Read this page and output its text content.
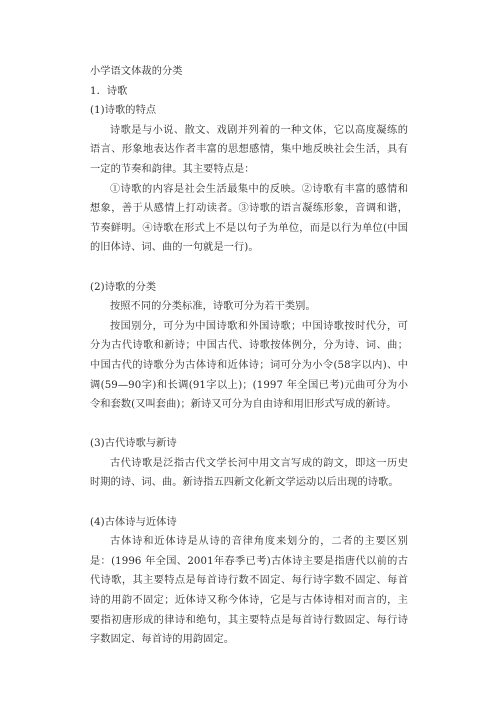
小学语文体裁的分类

1．诗歌

(1)诗歌的特点

诗歌是与小说、散文、戏剧并列着的一种文体，它以高度凝练的语言、形象地表达作者丰富的思想感情，集中地反映社会生活，具有一定的节奏和韵律。其主要特点是：

①诗歌的内容是社会生活最集中的反映。②诗歌有丰富的感情和想象，善于从感情上打动读者。③诗歌的语言凝练形象，音调和谐，节奏鲜明。④诗歌在形式上不是以句子为单位，而是以行为单位(中国的旧体诗、词、曲的一句就是一行)。

(2)诗歌的分类

按照不同的分类标准，诗歌可分为若干类别。

按国别分，可分为中国诗歌和外国诗歌；中国诗歌按时代分，可分为古代诗歌和新诗；中国古代、诗歌按体例分，分为诗、词、曲；中国古代的诗歌分为古体诗和近体诗；词可分为小令(58字以内)、中调(59—90字)和长调(91字以上)；(1997 年全国已考)元曲可分为小令和套数(又叫套曲)；新诗又可分为自由诗和用旧形式写成的新诗。

(3)古代诗歌与新诗

古代诗歌是泛指古代文学长河中用文言写成的韵文，即这一历史时期的诗、词、曲。新诗指五四新文化新文学运动以后出现的诗歌。

(4)古体诗与近体诗

古体诗和近体诗是从诗的音律角度来划分的，二者的主要区别是：(1996 年全国、2001年春季已考)古体诗主要是指唐代以前的古代诗歌，其主要特点是每首诗行数不固定、每行诗字数不固定、每首诗的用韵不固定；近体诗又称今体诗，它是与古体诗相对而言的，主要指初唐形成的律诗和绝句，其主要特点是每首诗行数固定、每行诗字数固定、每首诗的用韵固定。
